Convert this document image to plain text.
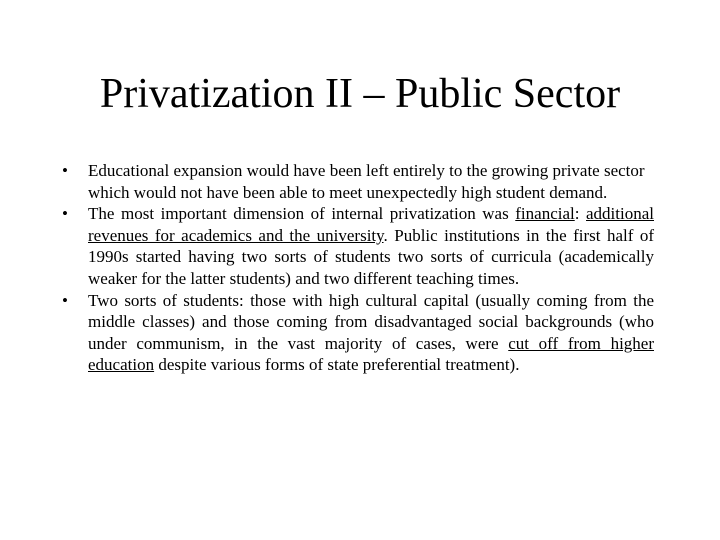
Privatization II – Public Sector
• Educational expansion would have been left entirely to the growing private sector which would not have been able to meet unexpectedly high student demand.
• The most important dimension of internal privatization was financial: additional revenues for academics and the university. Public institutions in the first half of 1990s started having two sorts of students two sorts of curricula (academically weaker for the latter students) and two different teaching times.
• Two sorts of students: those with high cultural capital (usually coming from the middle classes) and those coming from disadvantaged social backgrounds (who under communism, in the vast majority of cases, were cut off from higher education despite various forms of state preferential treatment).
